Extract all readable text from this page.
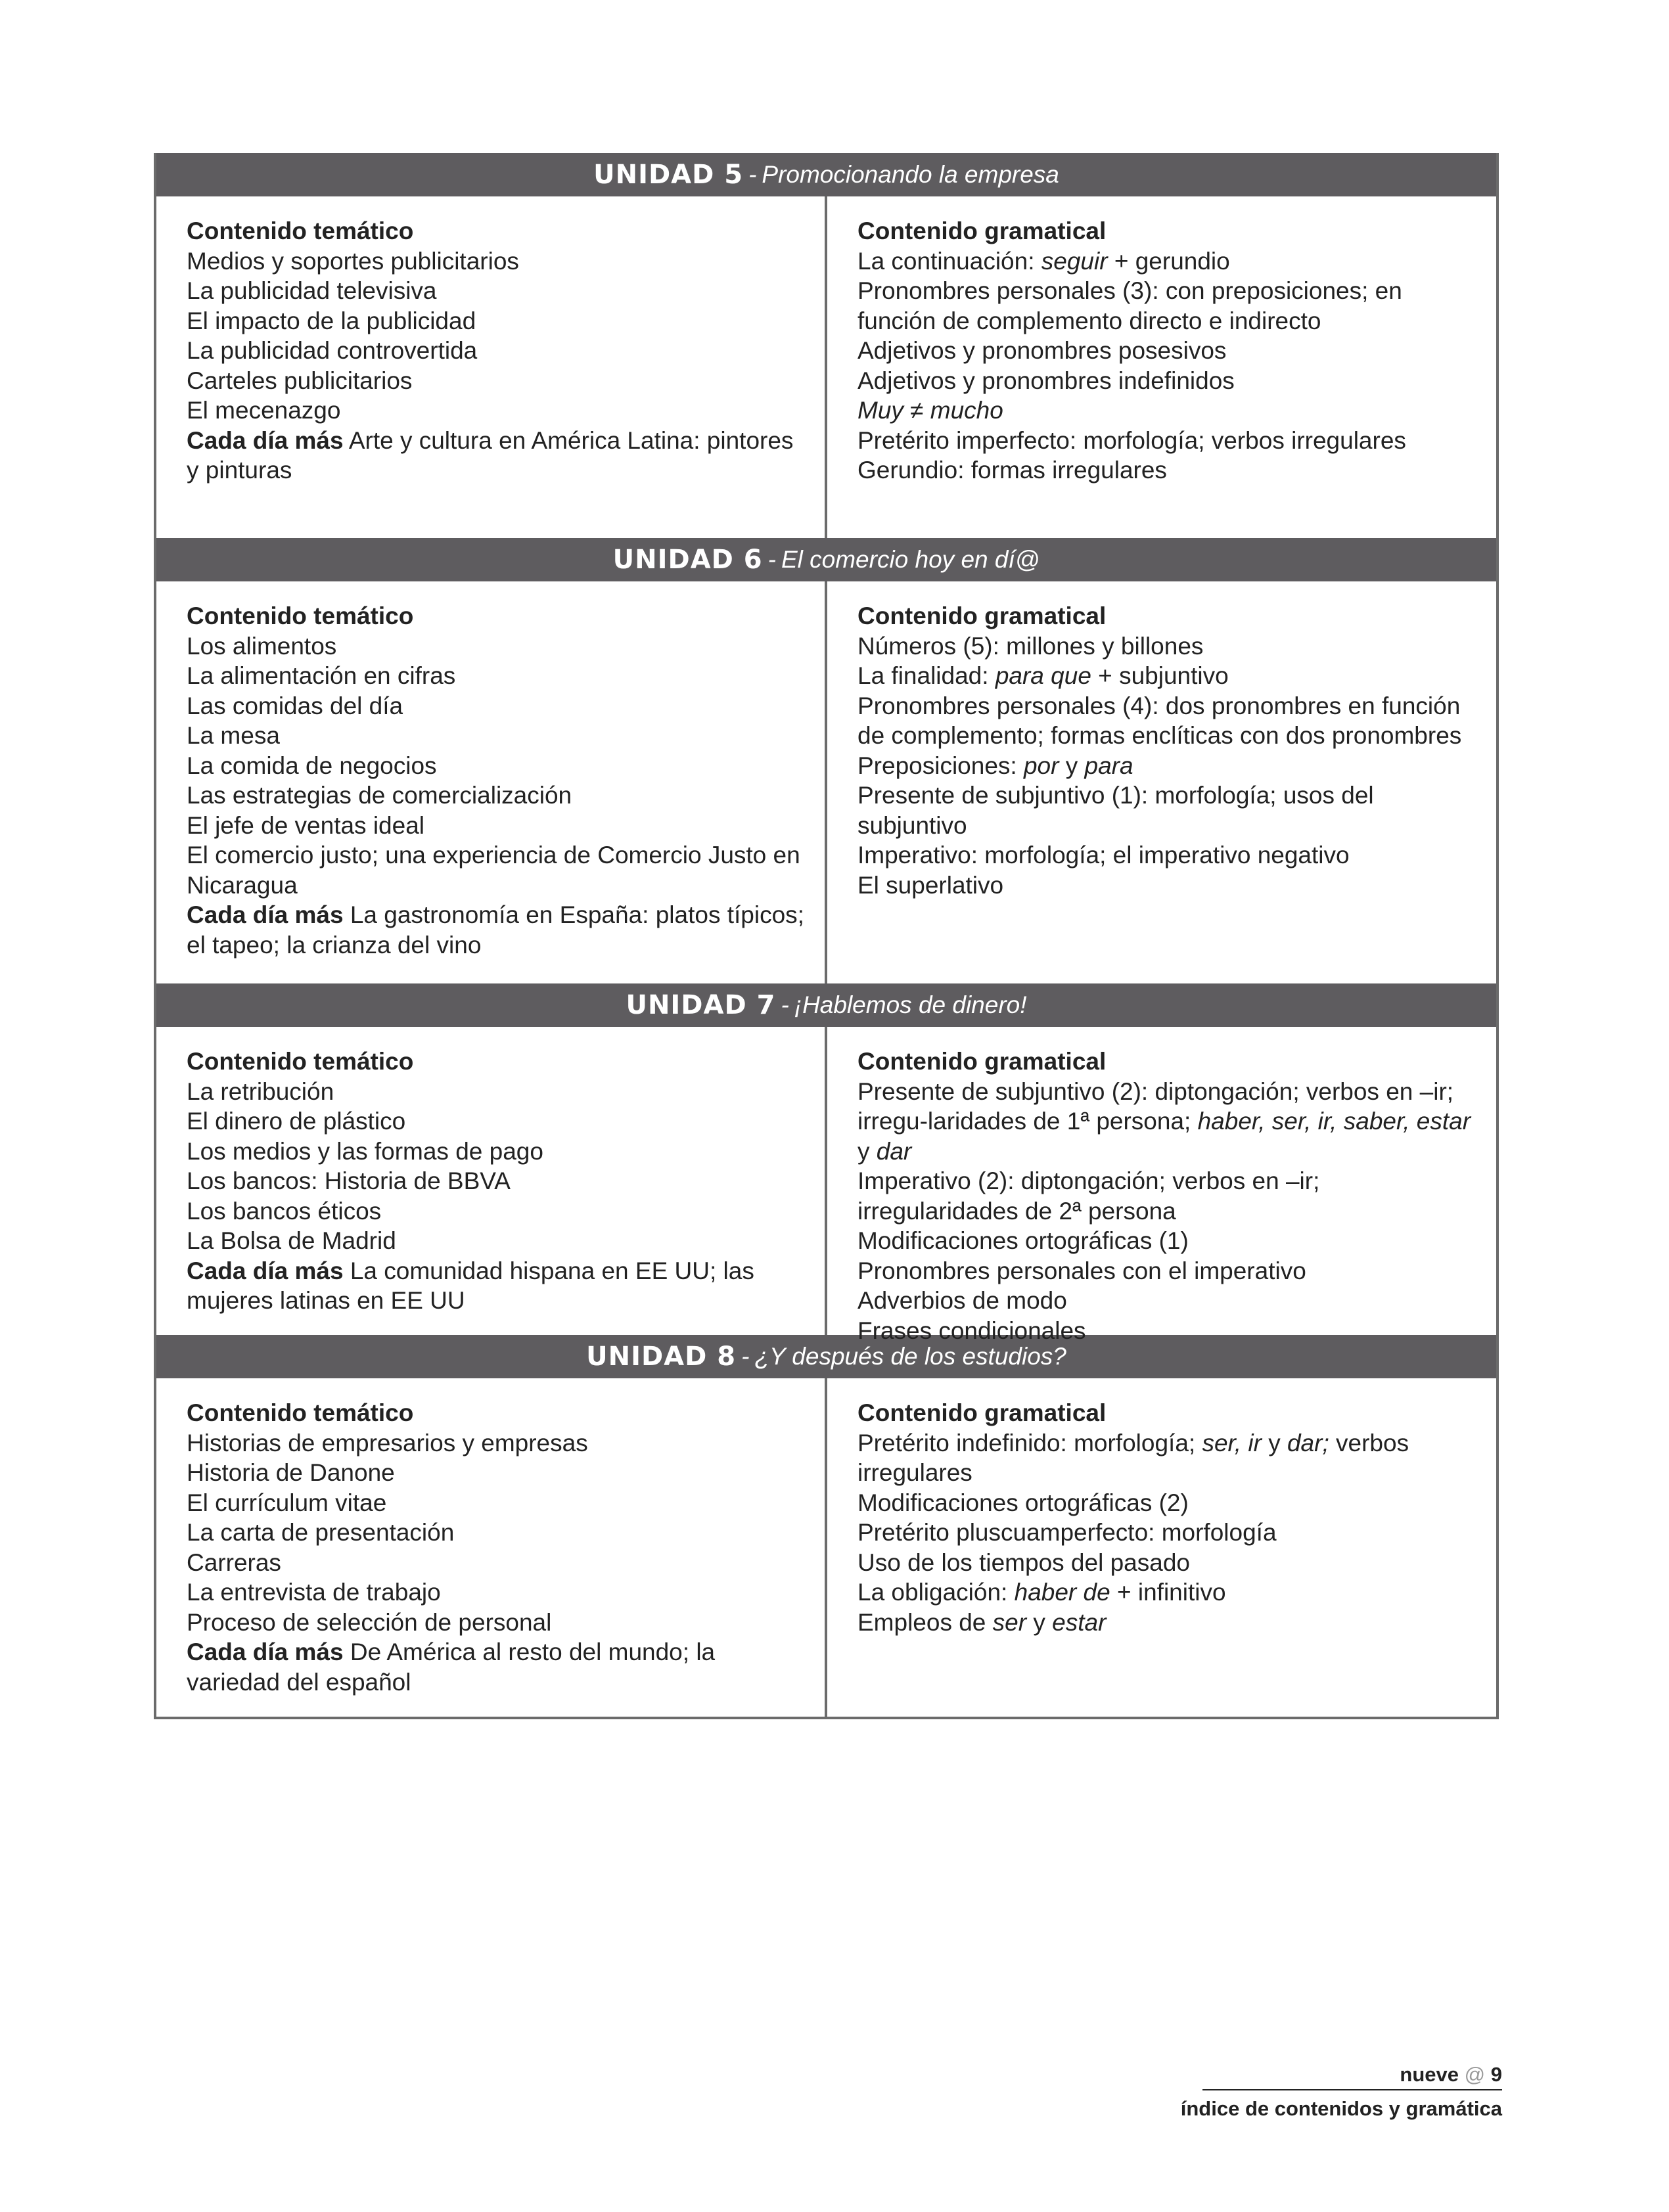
UNIDAD 5 - Promocionando la empresa
Contenido temático
Medios y soportes publicitarios
La publicidad televisiva
El impacto de la publicidad
La publicidad controvertida
Carteles publicitarios
El mecenazgo
Cada día más Arte y cultura en América Latina: pintores y pinturas
Contenido gramatical
La continuación: seguir + gerundio
Pronombres personales (3): con preposiciones; en función de complemento directo e indirecto
Adjetivos y pronombres posesivos
Adjetivos y pronombres indefinidos
Muy ≠ mucho
Pretérito imperfecto: morfología; verbos irregulares
Gerundio: formas irregulares
UNIDAD 6 - El comercio hoy en dí@
Contenido temático
Los alimentos
La alimentación en cifras
Las comidas del día
La mesa
La comida de negocios
Las estrategias de comercialización
El jefe de ventas ideal
El comercio justo; una experiencia de Comercio Justo en Nicaragua
Cada día más La gastronomía en España: platos típicos; el tapeo; la crianza del vino
Contenido gramatical
Números (5): millones y billones
La finalidad: para que + subjuntivo
Pronombres personales (4): dos pronombres en función de complemento; formas enclíticas con dos pronombres
Preposiciones: por y para
Presente de subjuntivo (1): morfología; usos del subjuntivo
Imperativo: morfología; el imperativo negativo
El superlativo
UNIDAD 7 - ¡Hablemos de dinero!
Contenido temático
La retribución
El dinero de plástico
Los medios y las formas de pago
Los bancos: Historia de BBVA
Los bancos éticos
La Bolsa de Madrid
Cada día más La comunidad hispana en EE UU; las mujeres latinas en EE UU
Contenido gramatical
Presente de subjuntivo (2): diptongación; verbos en –ir; irregu-laridades de 1ª persona; haber, ser, ir, saber, estar y dar
Imperativo (2): diptongación; verbos en –ir; irregularidades de 2ª persona
Modificaciones ortográficas (1)
Pronombres personales con el imperativo
Adverbios de modo
Frases condicionales
UNIDAD 8 - ¿Y después de los estudios?
Contenido temático
Historias de empresarios y empresas
Historia de Danone
El currículum vitae
La carta de presentación
Carreras
La entrevista de trabajo
Proceso de selección de personal
Cada día más De América al resto del mundo; la variedad del español
Contenido gramatical
Pretérito indefinido: morfología; ser, ir y dar; verbos irregulares
Modificaciones ortográficas (2)
Pretérito pluscuamperfecto: morfología
Uso de los tiempos del pasado
La obligación: haber de + infinitivo
Empleos de ser y estar
nueve @ 9
índice de contenidos y gramática
